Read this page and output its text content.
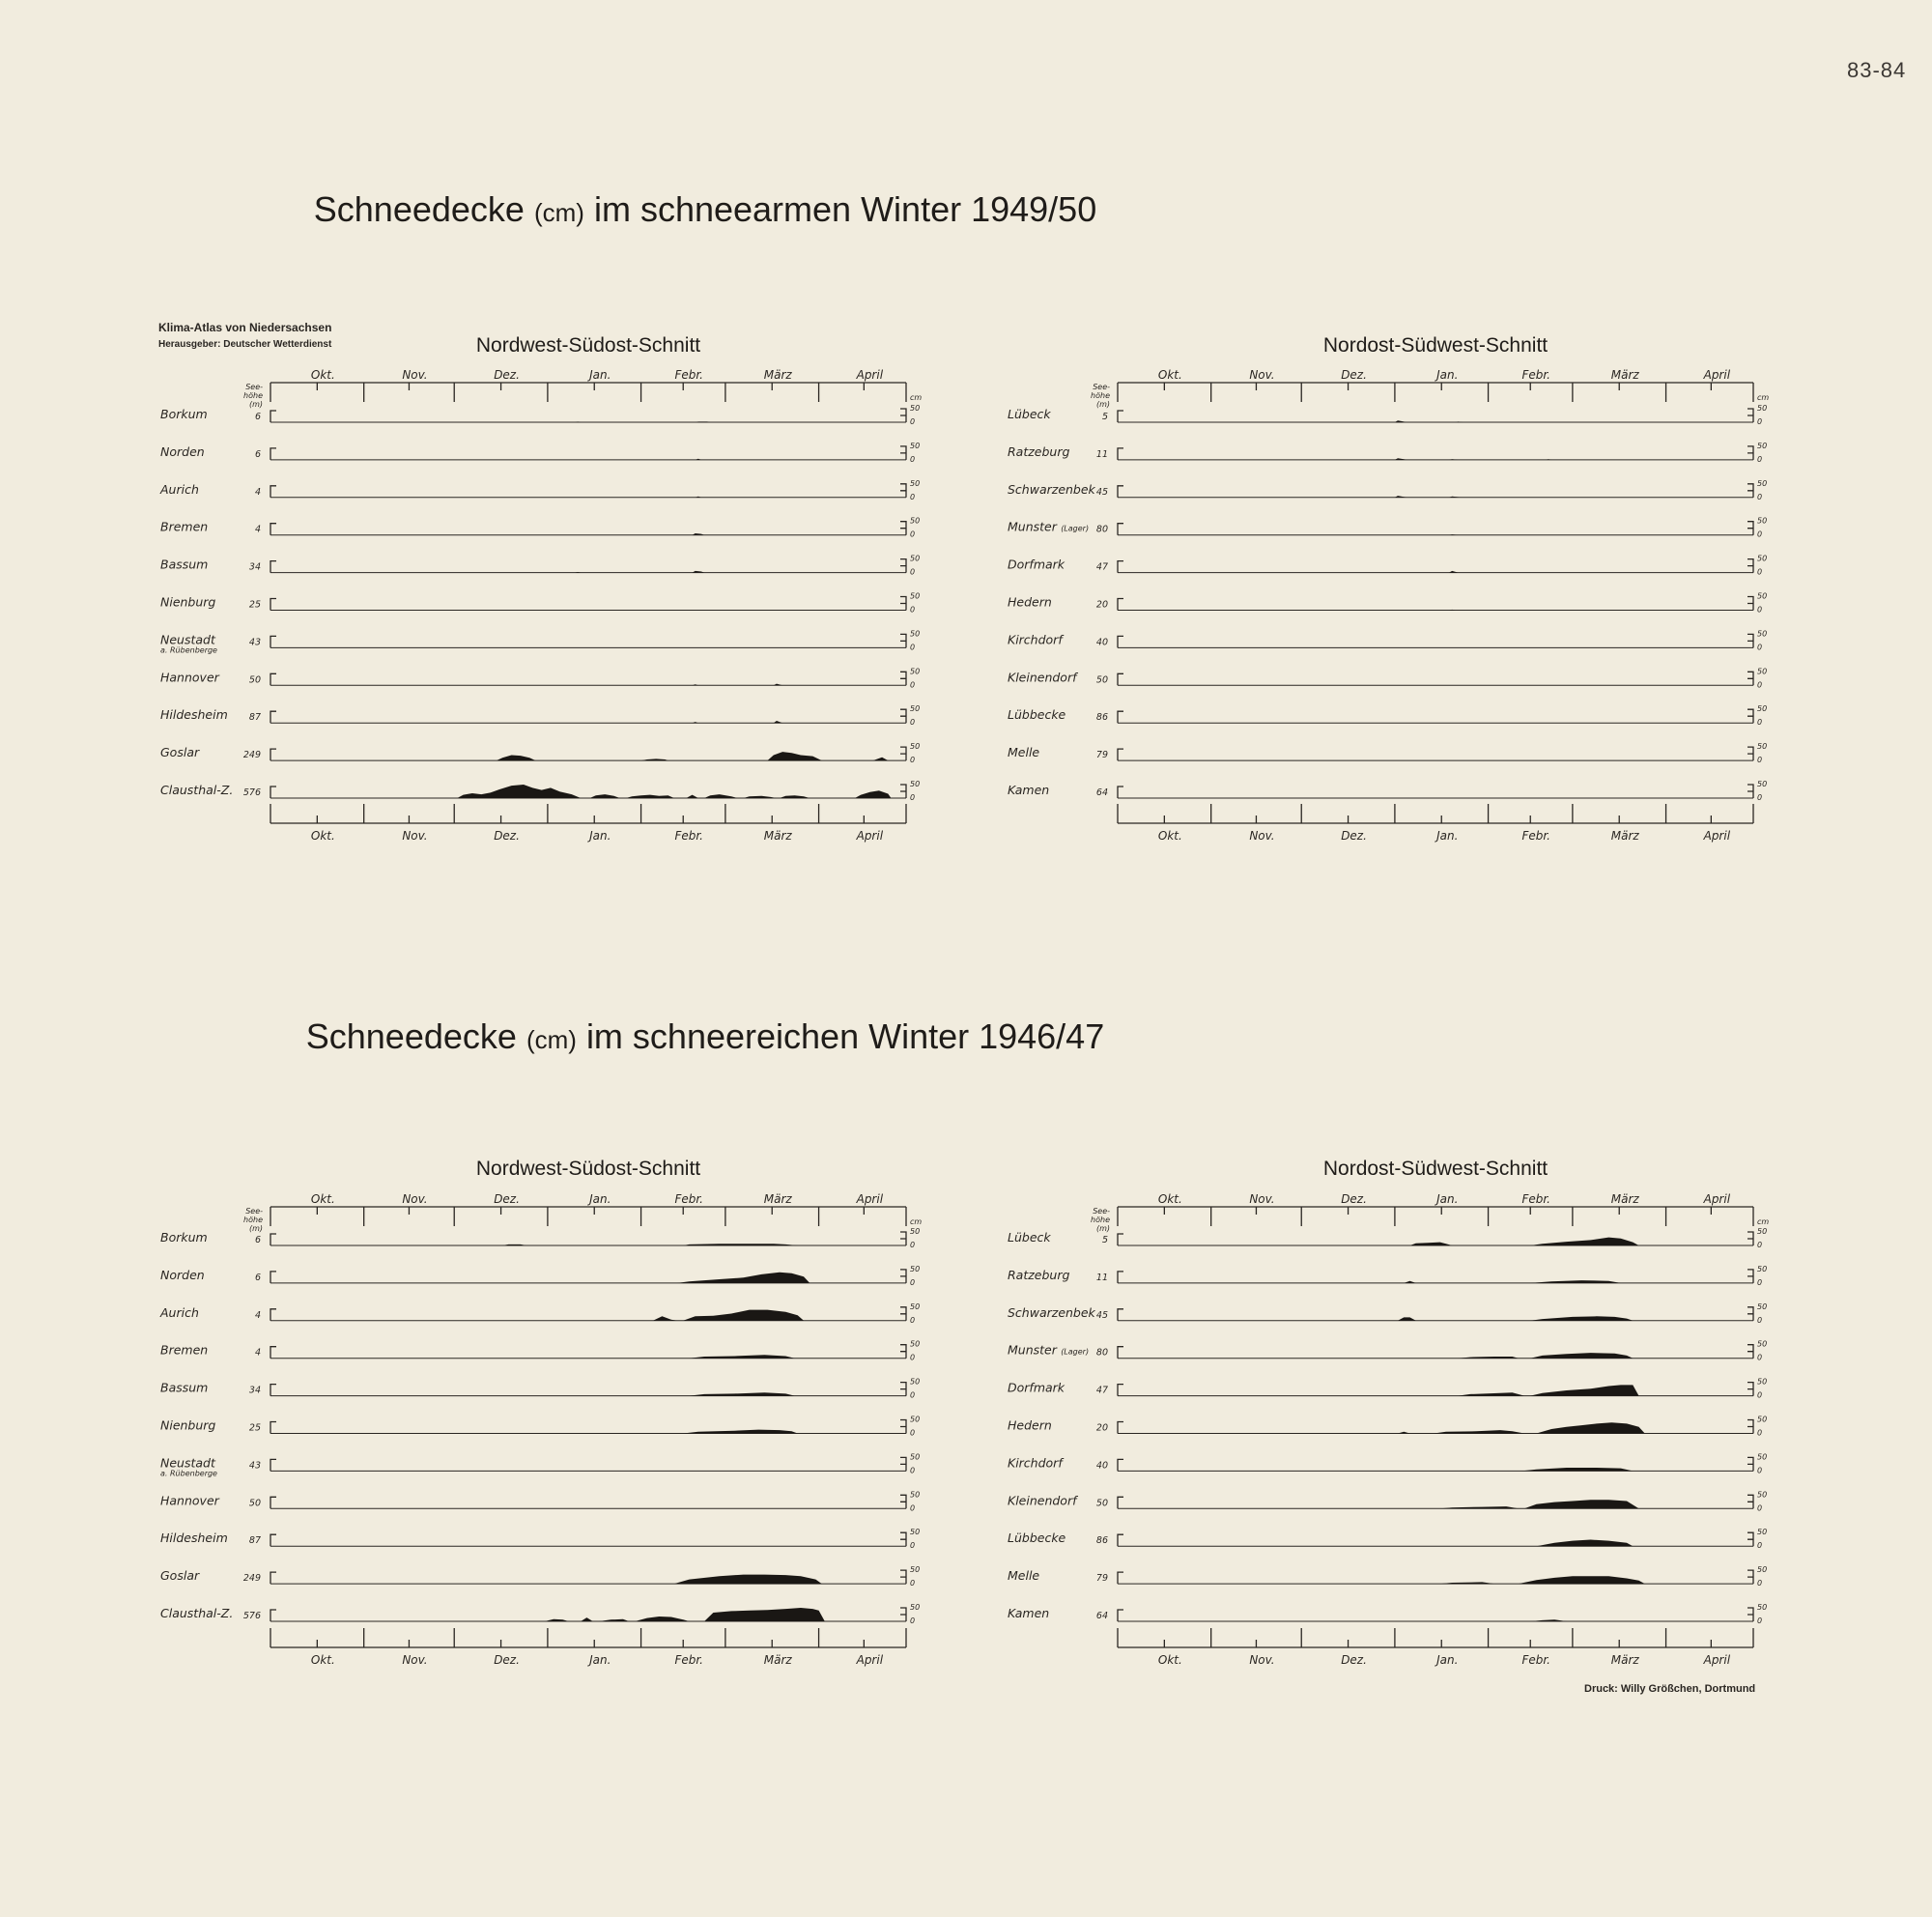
83-84
Schneedecke (cm) im schneearmen Winter 1949/50
Schneedecke (cm) im schneereichen Winter 1946/47
Klima-Atlas von Niedersachsen
Herausgeber: Deutscher Wetterdienst
Druck: Willy Größchen, Dortmund
Nordwest-Südost-Schnitt
Okt.	Nov.	Dez.	Jan.	Febr.	März	April
Okt.	Nov.	Dez.	Jan.	Febr.	März	April
See-
höhe
(m)
cm
Borkum	6
50
0
Norden	6
50
0
Aurich	4
50
0
Bremen	4
50
0
Bassum	34
50
0
Nienburg	25
50
0
Neustadt
a. Rübenberge
43
50
0
Hannover	50
50
0
Hildesheim 87
50
0
Goslar	249
50
0
Clausthal-Z. 576
50
0
Nordost-Südwest-Schnitt
Okt.	Nov.	Dez.	Jan.	Febr.	März	April
Okt.	Nov.	Dez.	Jan.	Febr.	März	April
See-
höhe
(m)
cm
Lübeck	5
50
0
Ratzeburg	11
50
0
Schwarzenbek 45
50
0
Munster (Lager) 80
50
0
Dorfmark	47
50
0
Hedern	20
50
0
Kirchdorf	40
50
0
Kleinendorf 50
50
0
Lübbecke	86
50
0
Melle	79
50
0
Kamen	64
50
0
Nordwest-Südost-Schnitt
Okt.	Nov.	Dez.	Jan.	Febr.	März	April
Okt.	Nov.	Dez.	Jan.	Febr.	März	April
See-
höhe
(m)
cm
Borkum	6
50
0
Norden	6
50
0
Aurich	4
50
0
Bremen	4
50
0
Bassum	34
50
0
Nienburg	25
50
0
Neustadt
a. Rübenberge
43
50
0
Hannover	50
50
0
Hildesheim 87
50
0
Goslar	249
50
0
Clausthal-Z. 576
50
0
Nordost-Südwest-Schnitt
Okt.	Nov.	Dez.	Jan.	Febr.	März	April
Okt.	Nov.	Dez.	Jan.	Febr.	März	April
See-
höhe
(m)
cm
Lübeck	5
50
0
Ratzeburg	11
50
0
Schwarzenbek 45
50
0
Munster (Lager) 80
50
0
Dorfmark	47
50
0
Hedern	20
50
0
Kirchdorf	40
50
0
Kleinendorf 50
50
0
Lübbecke	86
50
0
Melle	79
50
0
Kamen	64
50
0
